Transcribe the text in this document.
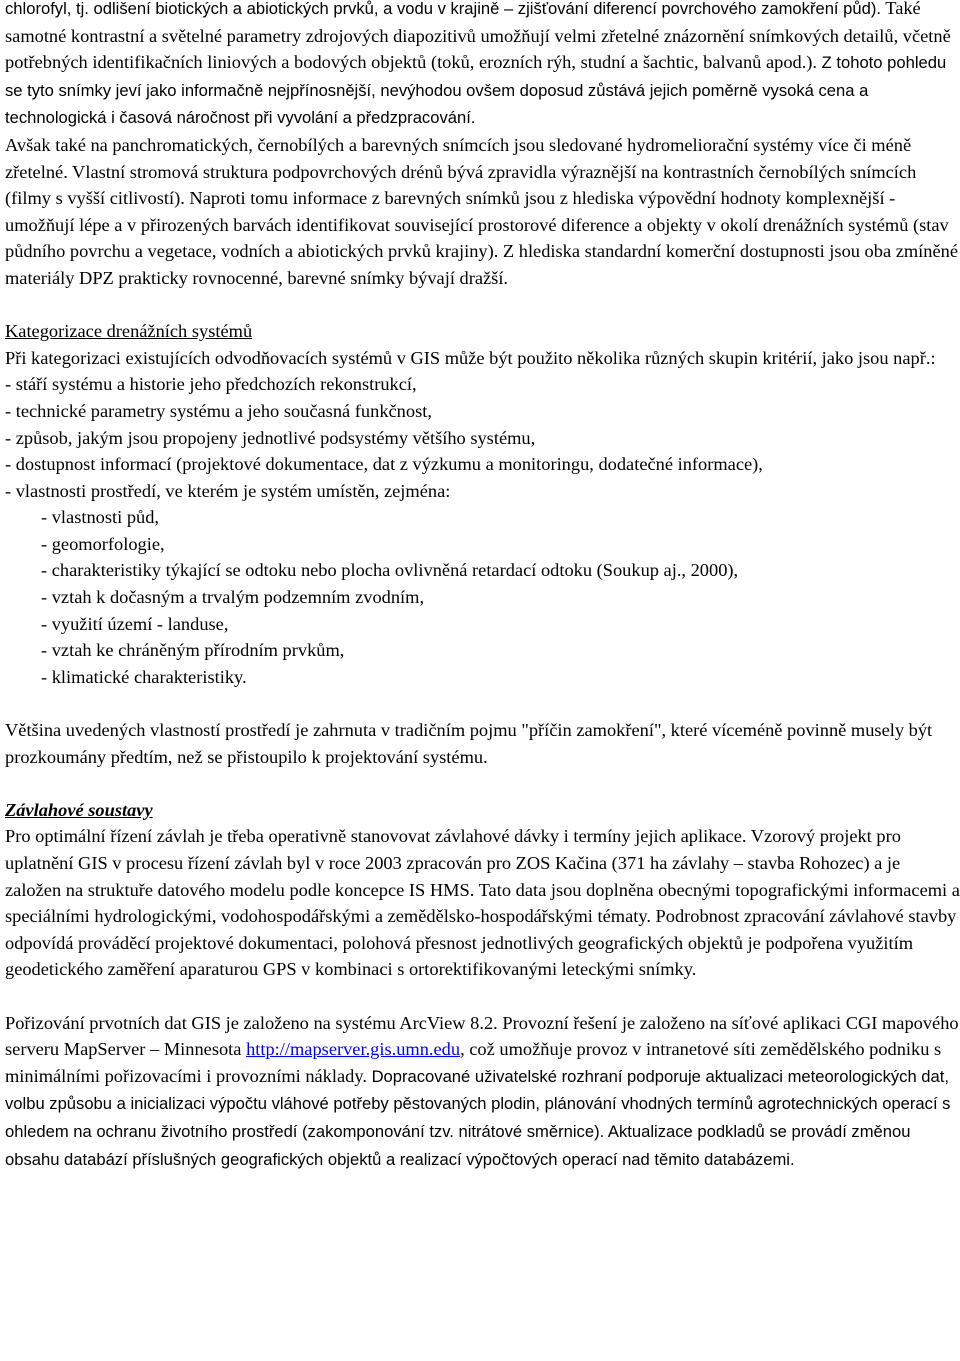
chlorofyl, tj. odlišení biotických a abiotických prvků, a vodu v krajině – zjišťování diferencí povrchového zamokření půd). Také samotné kontrastní a světelné parametry zdrojových diapozitivů umožňují velmi zřetelné znázornění snímkových detailů, včetně potřebných identifikačních liniových a bodových objektů (toků, erozních rýh, studní a šachtic, balvanů apod.). Z tohoto pohledu se tyto snímky jeví jako informačně nejpřínosnější, nevýhodou ovšem doposud zůstává jejich poměrně vysoká cena a technologická i časová náročnost při vyvolání a předzpracování.

Avšak také na panchromatických, černobílých a barevných snímcích jsou sledované hydromeliorační systémy více či méně zřetelné. Vlastní stromová struktura podpovrchových drénů bývá zpravidla výraznější na kontrastních černobílých snímcích (filmy s vyšší citlivostí). Naproti tomu informace z barevných snímků jsou z hlediska výpovědní hodnoty komplexnější - umožňují lépe a v přirozených barvách identifikovat související prostorové diference a objekty v okolí drenážních systémů (stav půdního povrchu a vegetace, vodních a abiotických prvků krajiny). Z hlediska standardní komerční dostupnosti jsou oba zmíněné materiály DPZ prakticky rovnocenné, barevné snímky bývají dražší.

Kategorizace drenážních systémů

Při kategorizaci existujících odvodňovacích systémů v GIS může být použito několika různých skupin kritérií, jako jsou např.:

- stáří systému a historie jeho předchozích rekonstrukcí,

- technické parametry systému a jeho současná funkčnost,

- způsob, jakým jsou propojeny jednotlivé podsystémy většího systému,

- dostupnost informací (projektové dokumentace, dat z výzkumu a monitoringu, dodatečné informace),

- vlastnosti prostředí, ve kterém je systém umístěn, zejména:

- vlastnosti půd,

- geomorfologie,

- charakteristiky týkající se odtoku nebo plocha ovlivněná retardací odtoku (Soukup aj., 2000),

- vztah k dočasným a trvalým podzemním zvodním,

- využití území - landuse,

- vztah ke chráněným přírodním prvkům,

- klimatické charakteristiky.

Většina uvedených vlastností prostředí je zahrnuta v tradičním pojmu "příčin zamokření", které víceméně povinně musely být prozkoumány předtím, než se přistoupilo k projektování systému.

Závlahové soustavy

Pro optimální řízení závlah je třeba operativně stanovovat závlahové dávky i termíny jejich aplikace. Vzorový projekt pro uplatnění GIS v procesu řízení závlah byl v roce 2003 zpracován pro ZOS Kačina (371 ha závlahy – stavba Rohozec) a je založen na struktuře datového modelu podle koncepce IS HMS. Tato data jsou doplněna obecnými topografickými informacemi a speciálními hydrologickými, vodohospodářskými a zemědělsko-hospodářskými tématy. Podrobnost zpracování závlahové stavby odpovídá prováděcí projektové dokumentaci, polohová přesnost jednotlivých geografických objektů je podpořena využitím geodetického zaměření aparaturou GPS v kombinaci s ortorektifikovanými leteckými snímky.

Pořizování prvotních dat GIS je založeno na systému ArcView 8.2. Provozní řešení je založeno na síťové aplikaci CGI mapového serveru MapServer – Minnesota http://mapserver.gis.umn.edu, což umožňuje provoz v intranetové síti zemědělského podniku s minimálními pořizovacími i provozními náklady. Dopracované uživatelské rozhraní podporuje aktualizaci meteorologických dat, volbu způsobu a inicializaci výpočtu vláhové potřeby pěstovaných plodin, plánování vhodných termínů agrotechnických operací s ohledem na ochranu životního prostředí (zakomponování tzv. nitrátové směrnice). Aktualizace podkladů se provádí změnou obsahu databází příslušných geografických objektů a realizací výpočtových operací nad těmito databázemi.
